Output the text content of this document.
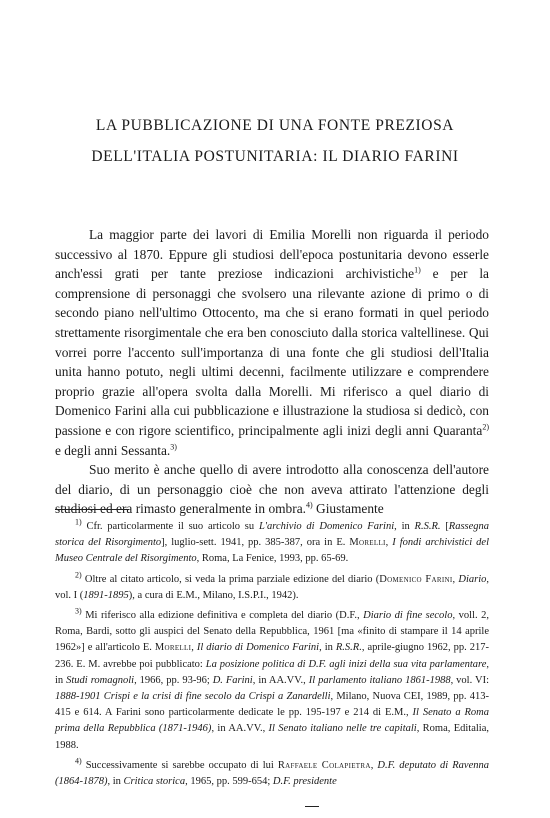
LA PUBBLICAZIONE DI UNA FONTE PREZIOSA
DELL'ITALIA POSTUNITARIA: IL DIARIO FARINI

La maggior parte dei lavori di Emilia Morelli non riguarda il periodo successivo al 1870. Eppure gli studiosi dell'epoca postunitaria devono esserle anch'essi grati per tante preziose indicazioni archivistiche$^{1)}$ e per la comprensione di personaggi che svolsero una rilevante azione di primo o di secondo piano nell'ultimo Ottocento, ma che si erano formati in quel periodo strettamente risorgimentale che era ben conosciuto dalla storica valtellinese. Qui vorrei porre l'accento sull'importanza di una fonte che gli studiosi dell'Italia unita hanno potuto, negli ultimi decenni, facilmente utilizzare e comprendere proprio grazie all'opera svolta dalla Morelli. Mi riferisco a quel diario di Domenico Farini alla cui pubblicazione e illustrazione la studiosa si dedicò, con passione e con rigore scientifico, principalmente agli inizi degli anni Quaranta$^{2)}$ e degli anni Sessanta.$^{3)}$

Suo merito è anche quello di avere introdotto alla conoscenza dell'autore del diario, di un personaggio cioè che non aveva attirato l'attenzione degli studiosi ed era rimasto generalmente in ombra.$^{4)}$ Giustamente

$^{1)}$ Cfr. particolarmente il suo articolo su L'archivio di Domenico Farini, in R.S.R. [Rassegna storica del Risorgimento], luglio-sett. 1941, pp. 385-387, ora in E. Morelli, I fondi archivistici del Museo Centrale del Risorgimento, Roma, La Fenice, 1993, pp. 65-69.

$^{2)}$ Oltre al citato articolo, si veda la prima parziale edizione del diario (Domenico Farini, Diario, vol. I (1891-1895), a cura di E.M., Milano, I.S.P.I., 1942).

$^{3)}$ Mi riferisco alla edizione definitiva e completa del diario (D.F., Diario di fine secolo, voll. 2, Roma, Bardi, sotto gli auspici del Senato della Repubblica, 1961 [ma «finito di stampare il 14 aprile 1962»] e all'articolo E. Morelli, Il diario di Domenico Farini, in R.S.R., aprile-giugno 1962, pp. 217-236. E. M. avrebbe poi pubblicato: La posizione politica di D.F. agli inizi della sua vita parlamentare, in Studi romagnoli, 1966, pp. 93-96; D. Farini, in AA.VV., Il parlamento italiano 1861-1988, vol. VI: 1888-1901 Crispi e la crisi di fine secolo da Crispi a Zanardelli, Milano, Nuova CEI, 1989, pp. 413-415 e 614. A Farini sono particolarmente dedicate le pp. 195-197 e 214 di E.M., Il Senato a Roma prima della Repubblica (1871-1946), in AA.VV., Il Senato italiano nelle tre capitali, Roma, Editalia, 1988.

$^{4)}$ Successivamente si sarebbe occupato di lui Raffaele Colapietra, D.F. deputato di Ravenna (1864-1878), in Critica storica, 1965, pp. 599-654; D.F. presidente
